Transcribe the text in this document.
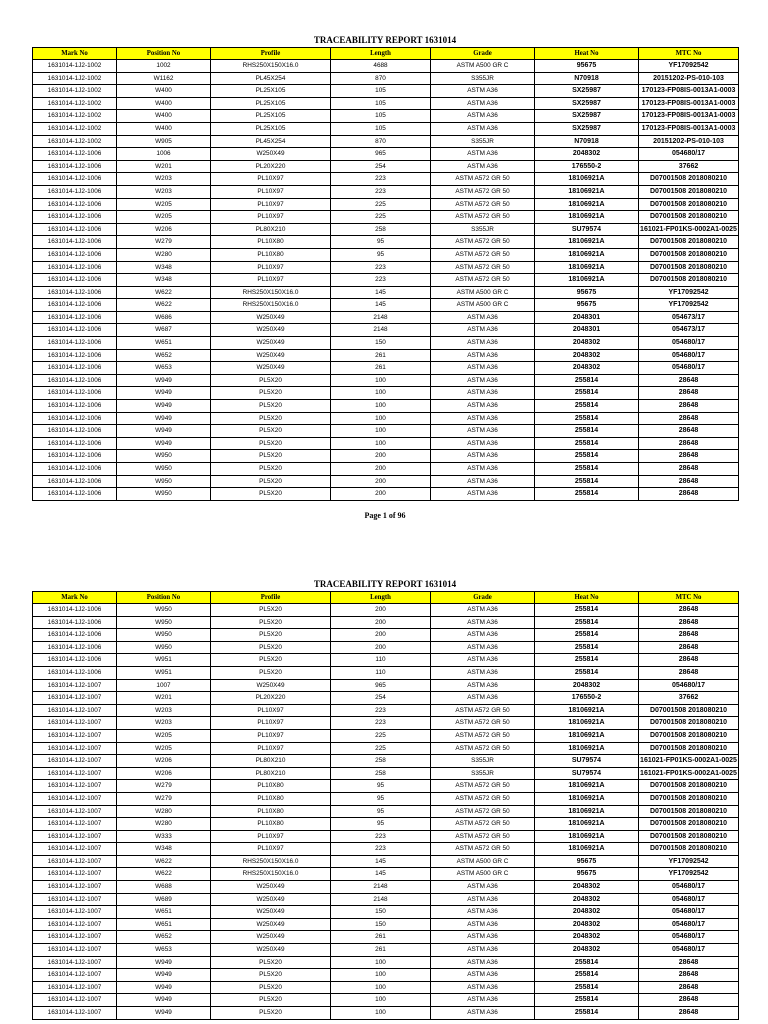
TRACEABILITY REPORT 1631014
Mark No	Position No	Profile	Length	Grade	Heat No	MTC No
1631014-1J2-1002	1002	RHS250X150X16.0	4688	ASTM A500 GR C	95675	YF17092542
1631014-1J2-1002	W1162	PL45X254	870	S355JR	N70918	20151202-PS-010-103
1631014-1J2-1002	W400	PL25X105	105	ASTM A36	SX25987	170123-FP08IS-0013A1-0003
1631014-1J2-1002	W400	PL25X105	105	ASTM A36	SX25987	170123-FP08IS-0013A1-0003
1631014-1J2-1002	W400	PL25X105	105	ASTM A36	SX25987	170123-FP08IS-0013A1-0003
1631014-1J2-1002	W400	PL25X105	105	ASTM A36	SX25987	170123-FP08IS-0013A1-0003
1631014-1J2-1002	W905	PL45X254	870	S355JR	N70918	20151202-PS-010-103
1631014-1J2-1006	1006	W250X49	965	ASTM A36	2048302	054680/17
1631014-1J2-1006	W201	PL20X220	254	ASTM A36	176550-2	37662
1631014-1J2-1006	W203	PL10X97	223	ASTM A572 GR 50	18106921A	D07001508 2018080210
1631014-1J2-1006	W203	PL10X97	223	ASTM A572 GR 50	18106921A	D07001508 2018080210
1631014-1J2-1006	W205	PL10X97	225	ASTM A572 GR 50	18106921A	D07001508 2018080210
1631014-1J2-1006	W205	PL10X97	225	ASTM A572 GR 50	18106921A	D07001508 2018080210
1631014-1J2-1006	W206	PL80X210	258	S355JR	SU79574	161021-FP01KS-0002A1-0025
1631014-1J2-1006	W279	PL10X80	95	ASTM A572 GR 50	18106921A	D07001508 2018080210
1631014-1J2-1006	W280	PL10X80	95	ASTM A572 GR 50	18106921A	D07001508 2018080210
1631014-1J2-1006	W348	PL10X97	223	ASTM A572 GR 50	18106921A	D07001508 2018080210
1631014-1J2-1006	W348	PL10X97	223	ASTM A572 GR 50	18106921A	D07001508 2018080210
1631014-1J2-1006	W622	RHS250X150X16.0	145	ASTM A500 GR C	95675	YF17092542
1631014-1J2-1006	W622	RHS250X150X16.0	145	ASTM A500 GR C	95675	YF17092542
1631014-1J2-1006	W686	W250X49	2148	ASTM A36	2048301	054673/17
1631014-1J2-1006	W687	W250X49	2148	ASTM A36	2048301	054673/17
1631014-1J2-1006	W651	W250X49	150	ASTM A36	2048302	054680/17
1631014-1J2-1006	W652	W250X49	261	ASTM A36	2048302	054680/17
1631014-1J2-1006	W653	W250X49	261	ASTM A36	2048302	054680/17
1631014-1J2-1006	W949	PL5X20	100	ASTM A36	255814	28648
1631014-1J2-1006	W949	PL5X20	100	ASTM A36	255814	28648
1631014-1J2-1006	W949	PL5X20	100	ASTM A36	255814	28648
1631014-1J2-1006	W949	PL5X20	100	ASTM A36	255814	28648
1631014-1J2-1006	W949	PL5X20	100	ASTM A36	255814	28648
1631014-1J2-1006	W949	PL5X20	100	ASTM A36	255814	28648
1631014-1J2-1006	W950	PL5X20	200	ASTM A36	255814	28648
1631014-1J2-1006	W950	PL5X20	200	ASTM A36	255814	28648
1631014-1J2-1006	W950	PL5X20	200	ASTM A36	255814	28648
1631014-1J2-1006	W950	PL5X20	200	ASTM A36	255814	28648
Page 1 of 96
TRACEABILITY REPORT 1631014
Mark No	Position No	Profile	Length	Grade	Heat No	MTC No
1631014-1J2-1006	W950	PL5X20	200	ASTM A36	255814	28648
1631014-1J2-1006	W950	PL5X20	200	ASTM A36	255814	28648
1631014-1J2-1006	W950	PL5X20	200	ASTM A36	255814	28648
1631014-1J2-1006	W950	PL5X20	200	ASTM A36	255814	28648
1631014-1J2-1006	W951	PL5X20	110	ASTM A36	255814	28648
1631014-1J2-1006	W951	PL5X20	110	ASTM A36	255814	28648
1631014-1J2-1007	1007	W250X49	965	ASTM A36	2048302	054680/17
1631014-1J2-1007	W201	PL20X220	254	ASTM A36	176550-2	37662
1631014-1J2-1007	W203	PL10X97	223	ASTM A572 GR 50	18106921A	D07001508 2018080210
1631014-1J2-1007	W203	PL10X97	223	ASTM A572 GR 50	18106921A	D07001508 2018080210
1631014-1J2-1007	W205	PL10X97	225	ASTM A572 GR 50	18106921A	D07001508 2018080210
1631014-1J2-1007	W205	PL10X97	225	ASTM A572 GR 50	18106921A	D07001508 2018080210
1631014-1J2-1007	W206	PL80X210	258	S355JR	SU79574	161021-FP01KS-0002A1-0025
1631014-1J2-1007	W206	PL80X210	258	S355JR	SU79574	161021-FP01KS-0002A1-0025
1631014-1J2-1007	W279	PL10X80	95	ASTM A572 GR 50	18106921A	D07001508 2018080210
1631014-1J2-1007	W279	PL10X80	95	ASTM A572 GR 50	18106921A	D07001508 2018080210
1631014-1J2-1007	W280	PL10X80	95	ASTM A572 GR 50	18106921A	D07001508 2018080210
1631014-1J2-1007	W280	PL10X80	95	ASTM A572 GR 50	18106921A	D07001508 2018080210
1631014-1J2-1007	W333	PL10X97	223	ASTM A572 GR 50	18106921A	D07001508 2018080210
1631014-1J2-1007	W348	PL10X97	223	ASTM A572 GR 50	18106921A	D07001508 2018080210
1631014-1J2-1007	W622	RHS250X150X16.0	145	ASTM A500 GR C	95675	YF17092542
1631014-1J2-1007	W622	RHS250X150X16.0	145	ASTM A500 GR C	95675	YF17092542
1631014-1J2-1007	W688	W250X49	2148	ASTM A36	2048302	054680/17
1631014-1J2-1007	W689	W250X49	2148	ASTM A36	2048302	054680/17
1631014-1J2-1007	W651	W250X49	150	ASTM A36	2048302	054680/17
1631014-1J2-1007	W651	W250X49	150	ASTM A36	2048302	054680/17
1631014-1J2-1007	W652	W250X49	261	ASTM A36	2048302	054680/17
1631014-1J2-1007	W653	W250X49	261	ASTM A36	2048302	054680/17
1631014-1J2-1007	W949	PL5X20	100	ASTM A36	255814	28648
1631014-1J2-1007	W949	PL5X20	100	ASTM A36	255814	28648
1631014-1J2-1007	W949	PL5X20	100	ASTM A36	255814	28648
1631014-1J2-1007	W949	PL5X20	100	ASTM A36	255814	28648
1631014-1J2-1007	W949	PL5X20	100	ASTM A36	255814	28648
